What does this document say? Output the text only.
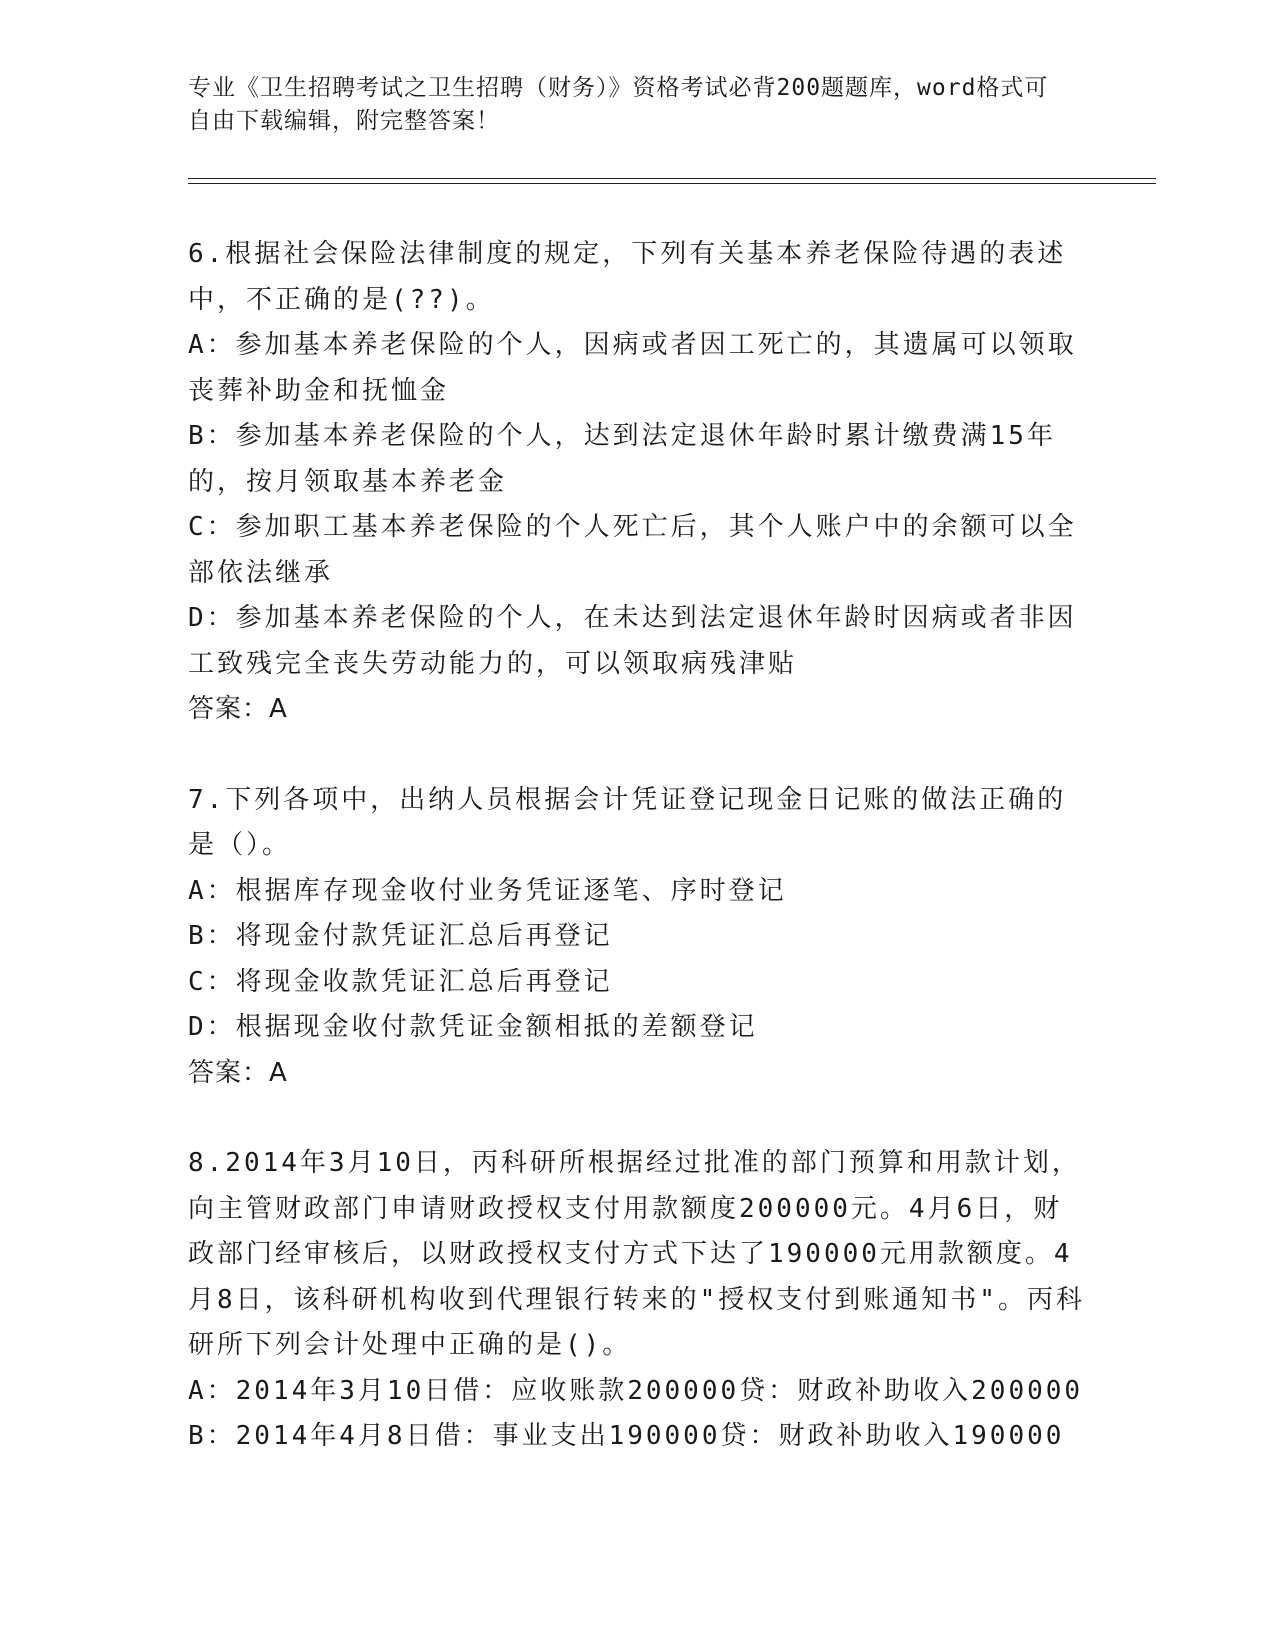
专业《卫生招聘考试之卫生招聘（财务）》资格考试必背200题题库，word格式可自由下载编辑，附完整答案！

6.根据社会保险法律制度的规定，下列有关基本养老保险待遇的表述中，不正确的是(??)。

A：参加基本养老保险的个人，因病或者因工死亡的，其遗属可以领取丧葬补助金和抚恤金

B：参加基本养老保险的个人，达到法定退休年龄时累计缴费满15年的，按月领取基本养老金

C：参加职工基本养老保险的个人死亡后，其个人账户中的余额可以全部依法继承

D：参加基本养老保险的个人，在未达到法定退休年龄时因病或者非因工致残完全丧失劳动能力的，可以领取病残津贴

答案：A

7.下列各项中，出纳人员根据会计凭证登记现金日记账的做法正确的是（）。

A：根据库存现金收付业务凭证逐笔、序时登记

B：将现金付款凭证汇总后再登记

C：将现金收款凭证汇总后再登记

D：根据现金收付款凭证金额相抵的差额登记

答案：A

8.2014年3月10日，丙科研所根据经过批准的部门预算和用款计划，向主管财政部门申请财政授权支付用款额度200000元。4月6日，财政部门经审核后，以财政授权支付方式下达了190000元用款额度。4月8日，该科研机构收到代理银行转来的"授权支付到账通知书"。丙科研所下列会计处理中正确的是()。

A：2014年3月10日借：应收账款200000贷：财政补助收入200000

B：2014年4月8日借：事业支出190000贷：财政补助收入190000
